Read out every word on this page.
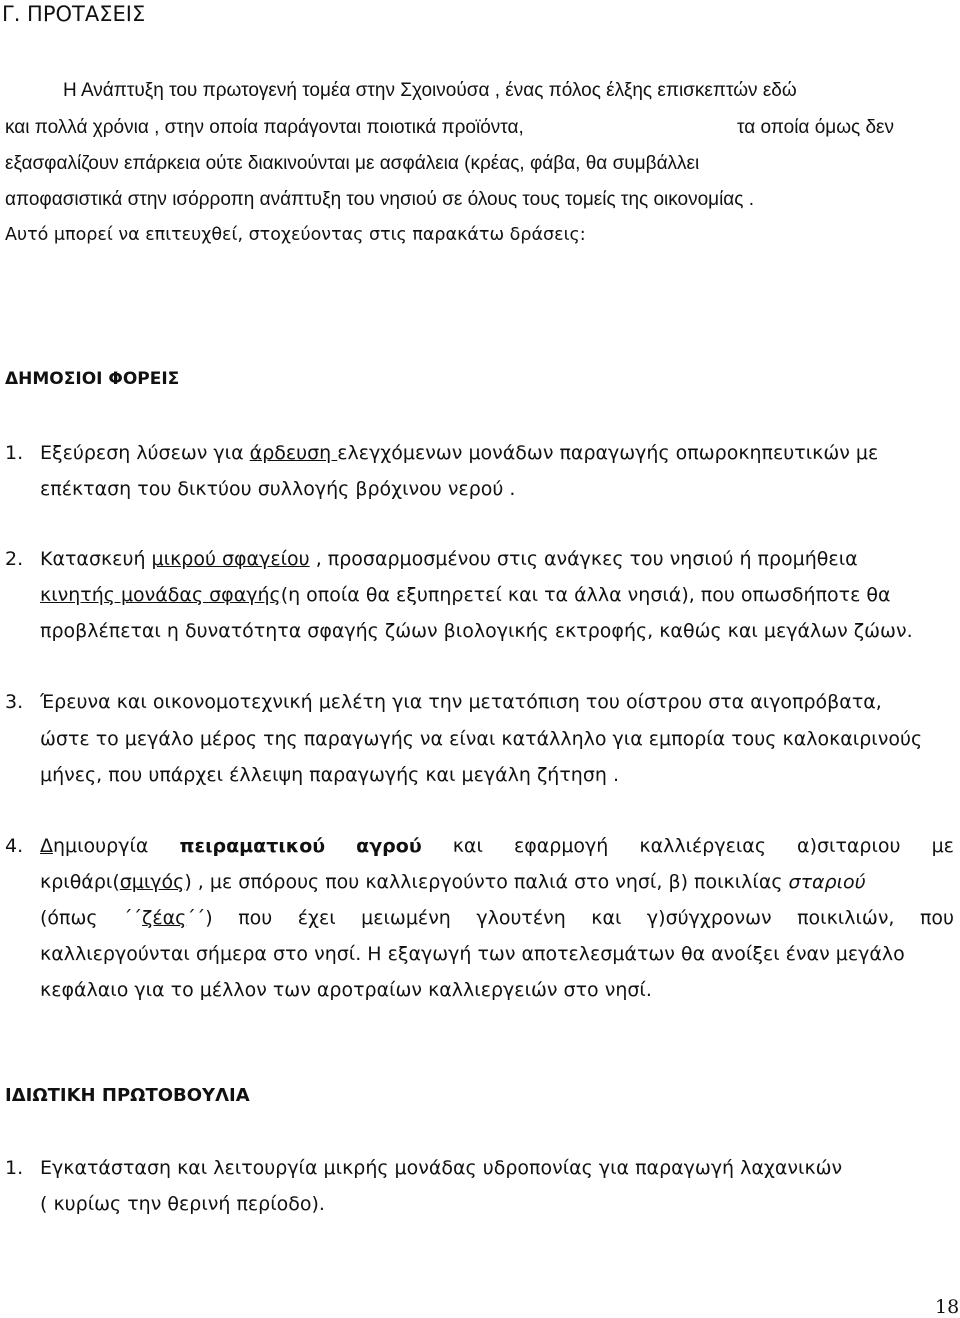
Γ. ΠΡΟΤΑΣΕΙΣ
Η Ανάπτυξη του πρωτογενή τομέα στην Σχοινούσα , ένας πόλος έλξης επισκεπτών εδώ
και πολλά χρόνια , στην οποία παράγονται ποιοτικά προϊόντα,	τα οποία όμως δεν
εξασφαλίζουν επάρκεια ούτε διακινούνται με ασφάλεια (κρέας, φάβα, θα συμβάλλει
αποφασιστικά στην ισόρροπη ανάπτυξη του νησιού σε όλους τους τομείς της οικονομίας .
Αυτό μπορεί να επιτευχθεί, στοχεύοντας στις παρακάτω δράσεις:
ΔΗΜΟΣΙΟΙ ΦΟΡΕΙΣ
1. Εξεύρεση λύσεων για άρδευση ελεγχόμενων μονάδων παραγωγής οπωροκηπευτικών με
επέκταση του δικτύου συλλογής βρόχινου νερού .
2. Κατασκευή μικρού σφαγείου , προσαρμοσμένου στις ανάγκες του νησιού ή προμήθεια
κινητής μονάδας σφαγής(η οποία θα εξυπηρετεί και τα άλλα νησιά), που οπωσδήποτε θα
προβλέπεται η δυνατότητα σφαγής ζώων βιολογικής εκτροφής, καθώς και μεγάλων ζώων.
3. Έρευνα και οικονομοτεχνική μελέτη για την μετατόπιση του οίστρου στα αιγοπρόβατα,
ώστε το μεγάλο μέρος της παραγωγής να είναι κατάλληλο για εμπορία τους καλοκαιρινούς
μήνες, που υπάρχει έλλειψη παραγωγής και μεγάλη ζήτηση .
4. Δημιουργία πειραματικού αγρού και εφαρμογή καλλιέργειας α)σιταριου με
κριθάρι(σμιγός) , με σπόρους που καλλιεργούντο παλιά στο νησί, β) ποικιλίας σταριού
(όπως ΄΄ζέας΄΄) που έχει μειωμένη γλουτένη και γ)σύγχρονων ποικιλιών, που
καλλιεργούνται σήμερα στο νησί. Η εξαγωγή των αποτελεσμάτων θα ανοίξει έναν μεγάλο
κεφάλαιο για το μέλλον των αροτραίων καλλιεργειών στο νησί.
ΙΔΙΩΤΙΚΗ ΠΡΩΤΟΒΟΥΛΙΑ
1. Εγκατάσταση και λειτουργία μικρής μονάδας υδροπονίας για παραγωγή λαχανικών
( κυρίως την θερινή περίοδο).
18
